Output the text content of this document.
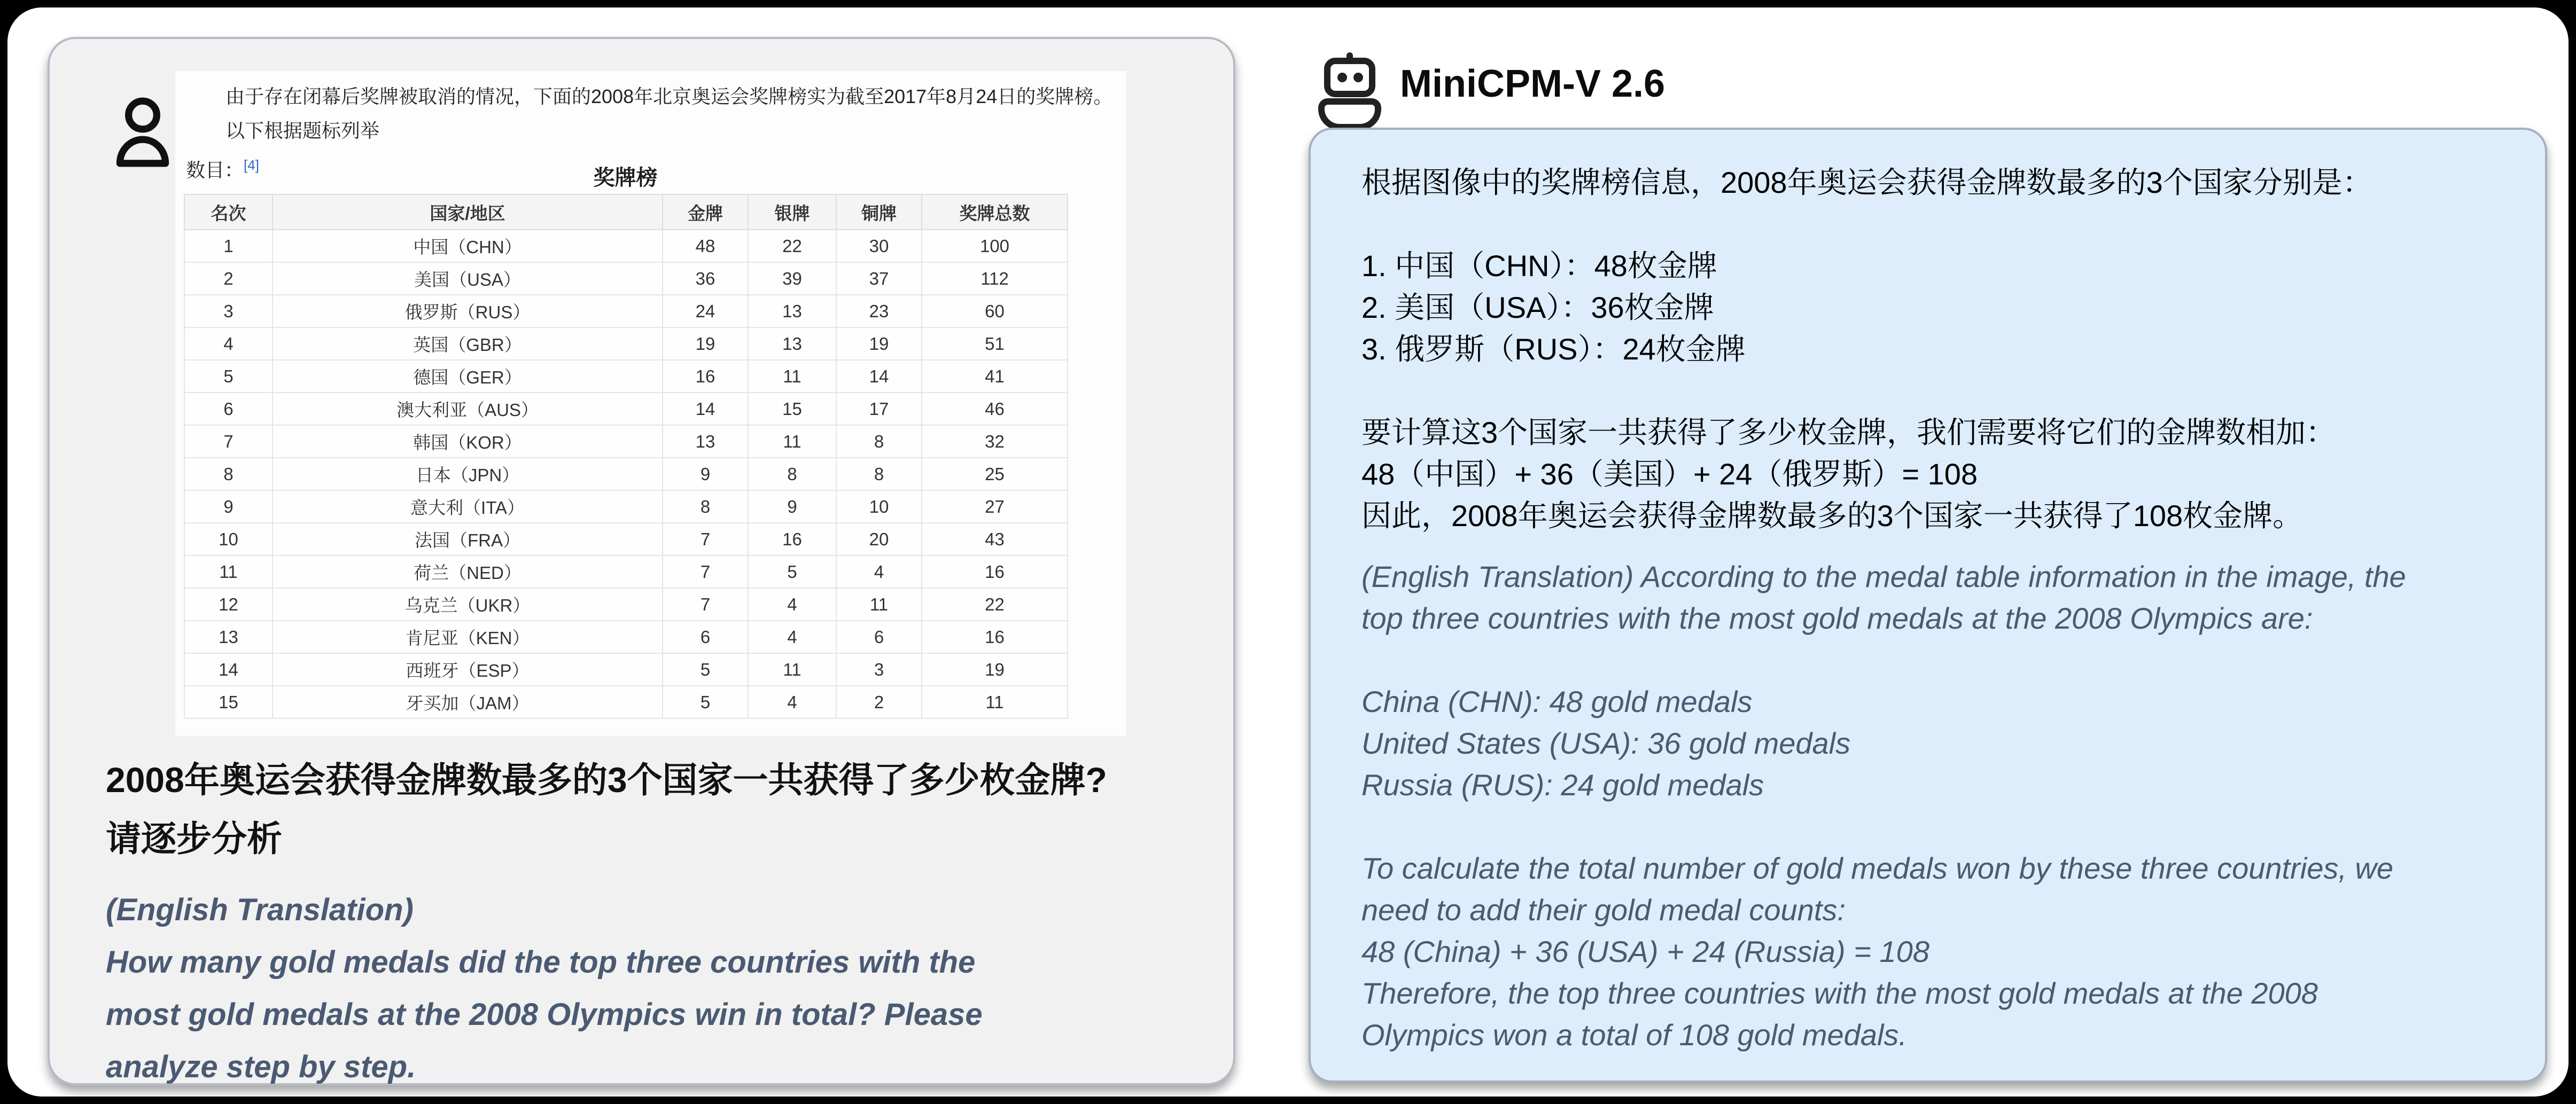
由于存在闭幕后奖牌被取消的情况，下面的2008年北京奥运会奖牌榜实为截至2017年8月24日的奖牌榜。以下根据题标列举
数目：[4]
奖牌榜
名次	国家/地区	金牌	银牌	铜牌	奖牌总数
1	中国（CHN）	48	22	30	100
2	美国（USA）	36	39	37	112
3	俄罗斯（RUS）	24	13	23	60
4	英国（GBR）	19	13	19	51
5	德国（GER）	16	11	14	41
6	澳大利亚（AUS）	14	15	17	46
7	韩国（KOR）	13	11	8	32
8	日本（JPN）	9	8	8	25
9	意大利（ITA）	8	9	10	27
10	法国（FRA）	7	16	20	43
11	荷兰（NED）	7	5	4	16
12	乌克兰（UKR）	7	4	11	22
13	肯尼亚（KEN）	6	4	6	16
14	西班牙（ESP）	5	11	3	19
15	牙买加（JAM）	5	4	2	11
2008年奥运会获得金牌数最多的3个国家一共获得了多少枚金牌?
请逐步分析
(English Translation)
How many gold medals did the top three countries with the most gold medals at the 2008 Olympics win in total? Please analyze step by step.
MiniCPM-V 2.6
根据图像中的奖牌榜信息，2008年奥运会获得金牌数最多的3个国家分别是：

1. 中国（CHN）：48枚金牌
2. 美国（USA）：36枚金牌
3. 俄罗斯（RUS）：24枚金牌

要计算这3个国家一共获得了多少枚金牌，我们需要将它们的金牌数相加：
48（中国）+ 36（美国）+ 24（俄罗斯）= 108
因此，2008年奥运会获得金牌数最多的3个国家一共获得了108枚金牌。
(English Translation) According to the medal table information in the image, the top three countries with the most gold medals at the 2008 Olympics are:

China (CHN): 48 gold medals
United States (USA): 36 gold medals
Russia (RUS): 24 gold medals

To calculate the total number of gold medals won by these three countries, we need to add their gold medal counts:
48 (China) + 36 (USA) + 24 (Russia) = 108
Therefore, the top three countries with the most gold medals at the 2008 Olympics won a total of 108 gold medals.
